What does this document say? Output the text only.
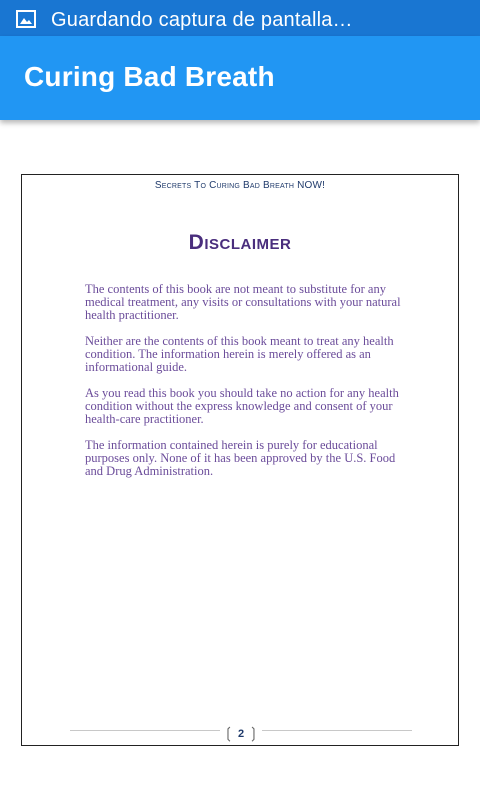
Guardando captura de pantalla…
Curing Bad Breath
Secrets To Curing Bad Breath NOW!
Disclaimer
The contents of this book are not meant to substitute for any medical treatment, any visits or consultations with your natural health practitioner.
Neither are the contents of this book meant to treat any health condition. The information herein is merely offered as an informational guide.
As you read this book you should take no action for any health condition without the express knowledge and consent of your health-care practitioner.
The information contained herein is purely for educational purposes only. None of it has been approved by the U.S. Food and Drug Administration.
❲ 2 ❳
